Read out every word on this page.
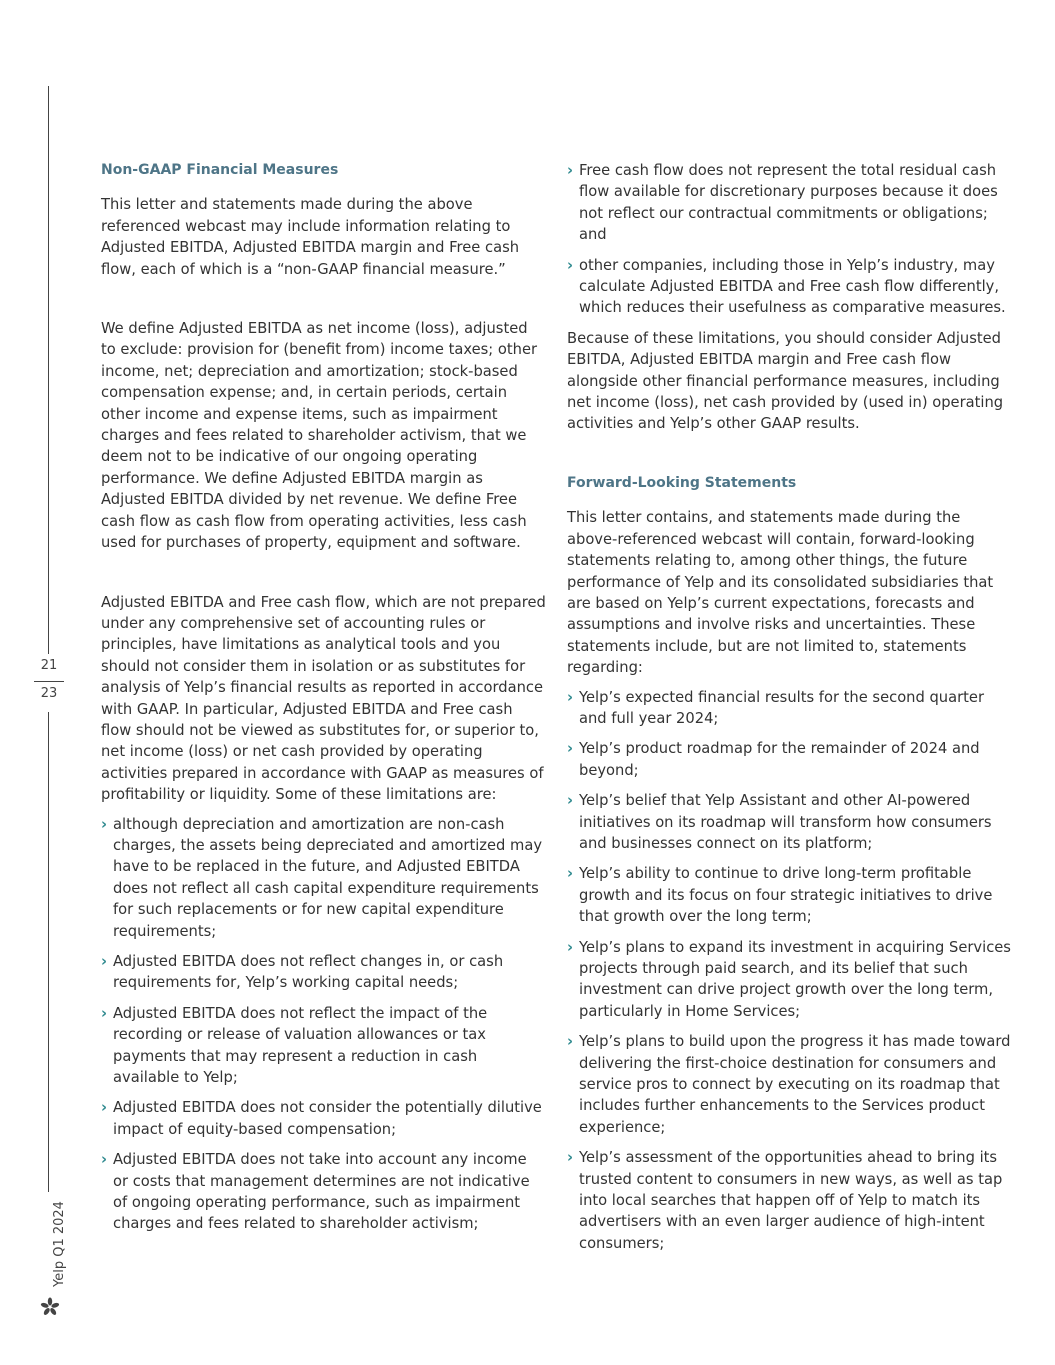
21
23
Yelp Q1 2024
Non-GAAP Financial Measures

This letter and statements made during the above referenced webcast may include information relating to Adjusted EBITDA, Adjusted EBITDA margin and Free cash flow, each of which is a “non-GAAP financial measure.”

We define Adjusted EBITDA as net income (loss), adjusted to exclude: provision for (benefit from) income taxes; other income, net; depreciation and amortization; stock-based compensation expense; and, in certain periods, certain other income and expense items, such as impairment charges and fees related to shareholder activism, that we deem not to be indicative of our ongoing operating performance. We define Adjusted EBITDA margin as Adjusted EBITDA divided by net revenue. We define Free cash flow as cash flow from operating activities, less cash used for purchases of property, equipment and software.

Adjusted EBITDA and Free cash flow, which are not prepared under any comprehensive set of accounting rules or principles, have limitations as analytical tools and you should not consider them in isolation or as substitutes for analysis of Yelp’s financial results as reported in accordance with GAAP. In particular, Adjusted EBITDA and Free cash flow should not be viewed as substitutes for, or superior to, net income (loss) or net cash provided by operating activities prepared in accordance with GAAP as measures of profitability or liquidity. Some of these limitations are:

› although depreciation and amortization are non-cash charges, the assets being depreciated and amortized may have to be replaced in the future, and Adjusted EBITDA does not reflect all cash capital expenditure requirements for such replacements or for new capital expenditure requirements;
› Adjusted EBITDA does not reflect changes in, or cash requirements for, Yelp’s working capital needs;
› Adjusted EBITDA does not reflect the impact of the recording or release of valuation allowances or tax payments that may represent a reduction in cash available to Yelp;
› Adjusted EBITDA does not consider the potentially dilutive impact of equity-based compensation;
› Adjusted EBITDA does not take into account any income or costs that management determines are not indicative of ongoing operating performance, such as impairment charges and fees related to shareholder activism;
› Free cash flow does not represent the total residual cash flow available for discretionary purposes because it does not reflect our contractual commitments or obligations; and
› other companies, including those in Yelp’s industry, may calculate Adjusted EBITDA and Free cash flow differently, which reduces their usefulness as comparative measures.

Because of these limitations, you should consider Adjusted EBITDA, Adjusted EBITDA margin and Free cash flow alongside other financial performance measures, including net income (loss), net cash provided by (used in) operating activities and Yelp’s other GAAP results.

Forward-Looking Statements

This letter contains, and statements made during the above-referenced webcast will contain, forward-looking statements relating to, among other things, the future performance of Yelp and its consolidated subsidiaries that are based on Yelp’s current expectations, forecasts and assumptions and involve risks and uncertainties. These statements include, but are not limited to, statements regarding:

› Yelp’s expected financial results for the second quarter and full year 2024;
› Yelp’s product roadmap for the remainder of 2024 and beyond;
› Yelp’s belief that Yelp Assistant and other AI-powered initiatives on its roadmap will transform how consumers and businesses connect on its platform;
› Yelp’s ability to continue to drive long-term profitable growth and its focus on four strategic initiatives to drive that growth over the long term;
› Yelp’s plans to expand its investment in acquiring Services projects through paid search, and its belief that such investment can drive project growth over the long term, particularly in Home Services;
› Yelp’s plans to build upon the progress it has made toward delivering the first-choice destination for consumers and service pros to connect by executing on its roadmap that includes further enhancements to the Services product experience;
› Yelp’s assessment of the opportunities ahead to bring its trusted content to consumers in new ways, as well as tap into local searches that happen off of Yelp to match its advertisers with an even larger audience of high-intent consumers;
